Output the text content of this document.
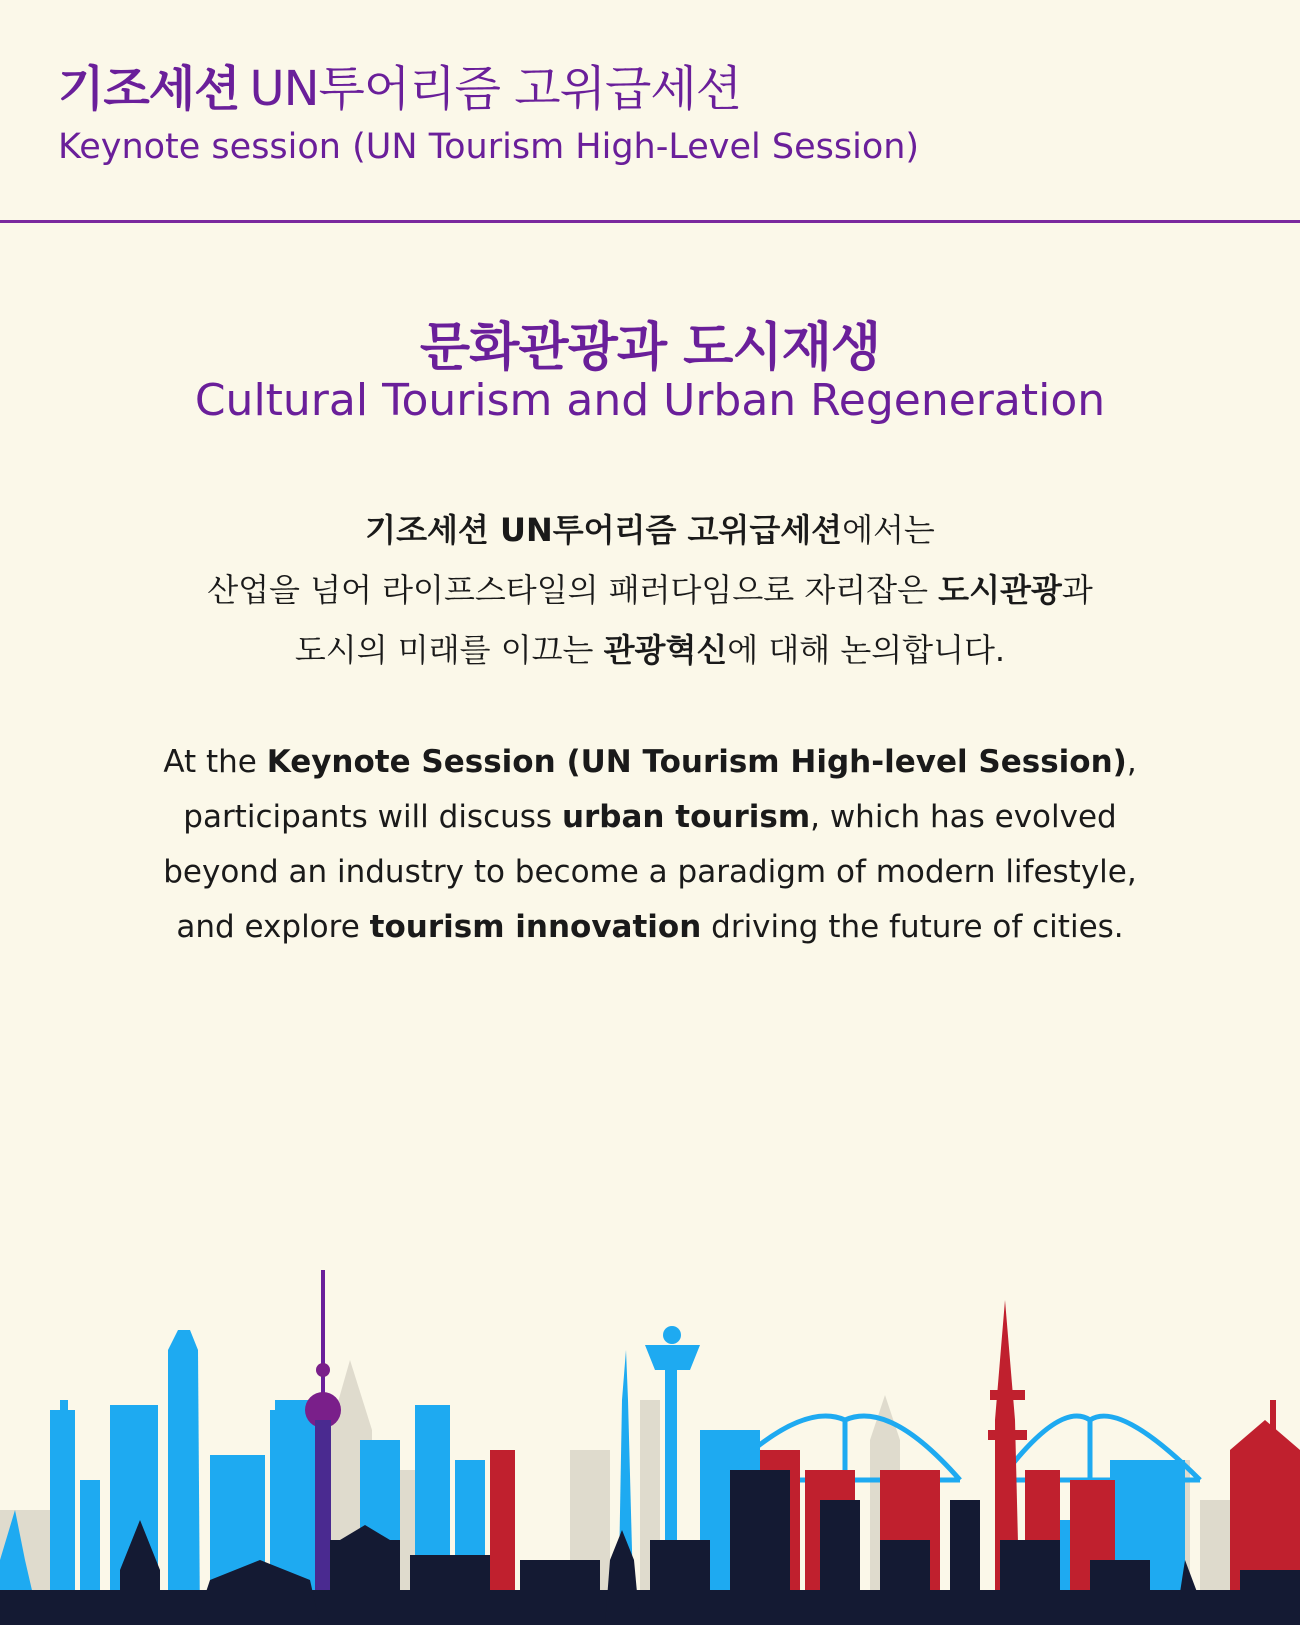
기조세션 UN투어리즘 고위급세션
Keynote session (UN Tourism High-Level Session)
문화관광과 도시재생
Cultural Tourism and Urban Regeneration
기조세션 UN투어리즘 고위급세션에서는
산업을 넘어 라이프스타일의 패러다임으로 자리잡은 도시관광과
도시의 미래를 이끄는 관광혁신에 대해 논의합니다.
At the Keynote Session (UN Tourism High-level Session),
participants will discuss urban tourism, which has evolved
beyond an industry to become a paradigm of modern lifestyle,
and explore tourism innovation driving the future of cities.
